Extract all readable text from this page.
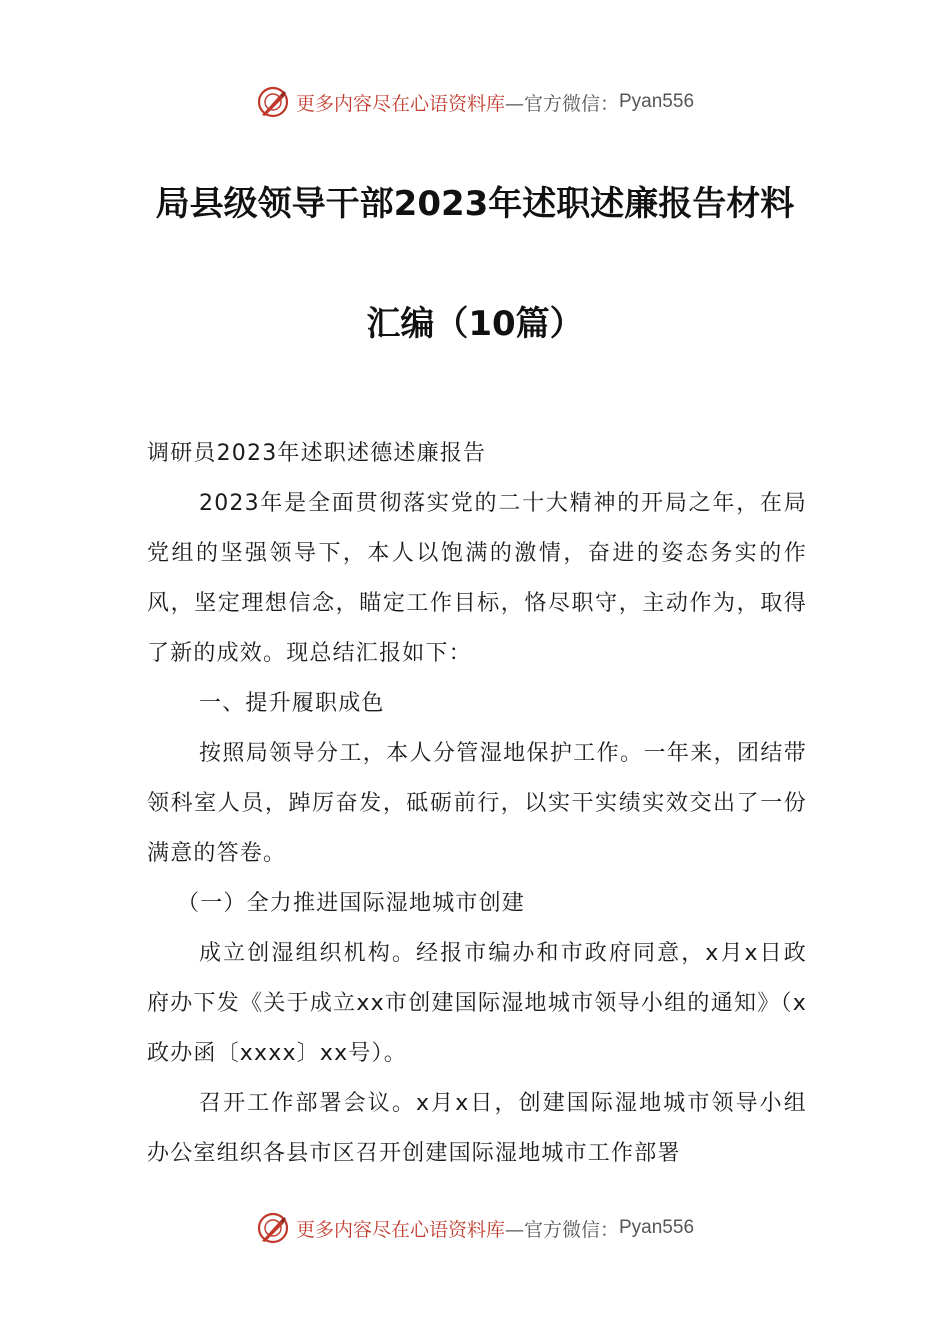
更多内容尽在心语资料库 —官方微信： Pyan556
局县级领导干部2023年述职述廉报告材料
汇编（10篇）

调研员2023年述职述德述廉报告

2023年是全面贯彻落实党的二十大精神的开局之年，在局党组的坚强领导下，本人以饱满的激情，奋进的姿态务实的作风，坚定理想信念，瞄定工作目标，恪尽职守，主动作为，取得了新的成效。现总结汇报如下：

一、提升履职成色

按照局领导分工，本人分管湿地保护工作。一年来，团结带领科室人员，踔厉奋发，砥砺前行，以实干实绩实效交出了一份满意的答卷。

（一）全力推进国际湿地城市创建

成立创湿组织机构。经报市编办和市政府同意，x月x日政府办下发《关于成立xx市创建国际湿地城市领导小组的通知》（x政办函〔xxxx〕xx号）。

召开工作部署会议。x月x日，创建国际湿地城市领导小组办公室组织各县市区召开创建国际湿地城市工作部署

更多内容尽在心语资料库 —官方微信： Pyan556
